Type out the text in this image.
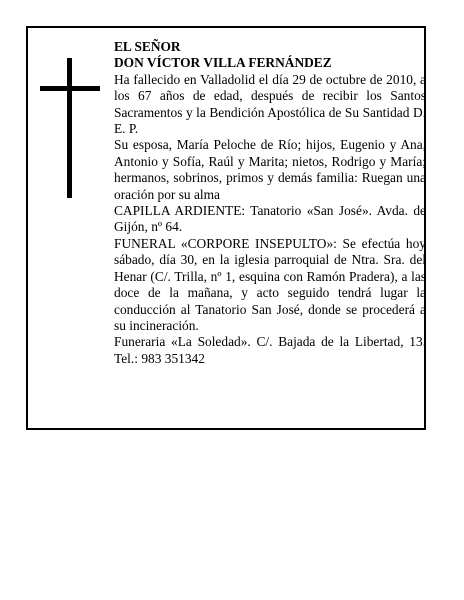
EL SEÑOR

DON VÍCTOR VILLA FERNÁNDEZ

Ha fallecido en Valladolid el día 29 de octubre de 2010, a los 67 años de edad, después de recibir los Santos Sacramentos y la Bendición Apostólica de Su Santidad D. E. P.

Su esposa, María Peloche de Río; hijos, Eugenio y Ana, Antonio y Sofía, Raúl y Marita; nietos, Rodrigo y María; hermanos, sobrinos, primos y demás familia: Ruegan una oración por su alma

CAPILLA ARDIENTE: Tanatorio «San José». Avda. de Gijón, nº 64.

FUNERAL «CORPORE INSEPULTO»: Se efectúa hoy sábado, día 30, en la iglesia parroquial de Ntra. Sra. del Henar (C/. Trilla, nº 1, esquina con Ramón Pradera), a las doce de la mañana, y acto seguido tendrá lugar la conducción al Tanatorio San José, donde se procederá a su incineración.

Funeraria «La Soledad». C/. Bajada de la Libertad, 13. Tel.: 983 351342
